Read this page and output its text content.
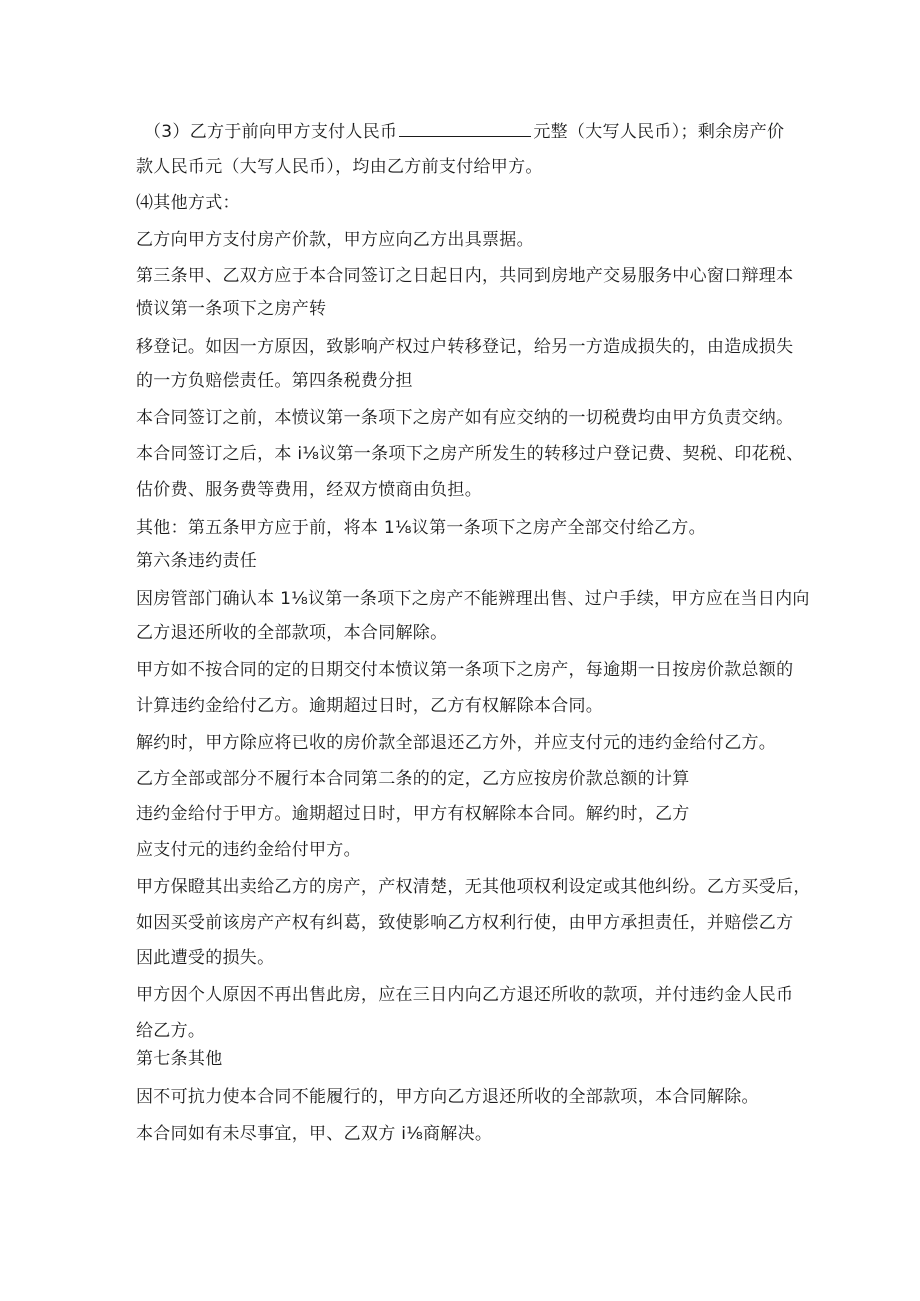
（3）乙方于前向甲方支付人民币	元整（大写人民币）；剩余房产价
款人民币元（大写人民币），均由乙方前支付给甲方。
⑷其他方式：
乙方向甲方支付房产价款，甲方应向乙方出具票据。
第三条甲、乙双方应于本合同签订之日起日内，共同到房地产交易服务中心窗口辩理本
愤议第一条项下之房产转
移登记。如因一方原因，致影响产权过户转移登记，给另一方造成损失的，由造成损失
的一方负赔偿责任。第四条税费分担
本合同签订之前，本愤议第一条项下之房产如有应交纳的一切税费均由甲方负责交纳。
本合同签订之后，本 i⅛议第一条项下之房产所发生的转移过户登记费、契税、印花税、
估价费、服务费等费用，经双方愤商由负担。
其他：第五条甲方应于前，将本 1⅛议第一条项下之房产全部交付给乙方。
第六条违约责任
因房管部门确认本 1⅛议第一条项下之房产不能辨理出售、过户手续，甲方应在当日内向
乙方退还所收的全部款项，本合同解除。
甲方如不按合同的定的日期交付本愤议第一条项下之房产，每逾期一日按房价款总额的
计算违约金给付乙方。逾期超过日时，乙方有权解除本合同。
解约时，甲方除应将已收的房价款全部退还乙方外，并应支付元的违约金给付乙方。
乙方全部或部分不履行本合同第二条的的定，乙方应按房价款总额的计算
违约金给付于甲方。逾期超过日时，甲方有权解除本合同。解约时，乙方
应支付元的违约金给付甲方。
甲方保瞪其出卖给乙方的房产，产权清楚，无其他项权利设定或其他纠纷。乙方买受后，
如因买受前该房产产权有纠葛，致使影响乙方权利行使，由甲方承担责任，并赔偿乙方
因此遭受的损失。
甲方因个人原因不再出售此房，应在三日内向乙方退还所收的款项，并付违约金人民币
给乙方。
第七条其他
因不可抗力使本合同不能履行的，甲方向乙方退还所收的全部款项，本合同解除。
本合同如有未尽事宜，甲、乙双方 i⅛商解决。
